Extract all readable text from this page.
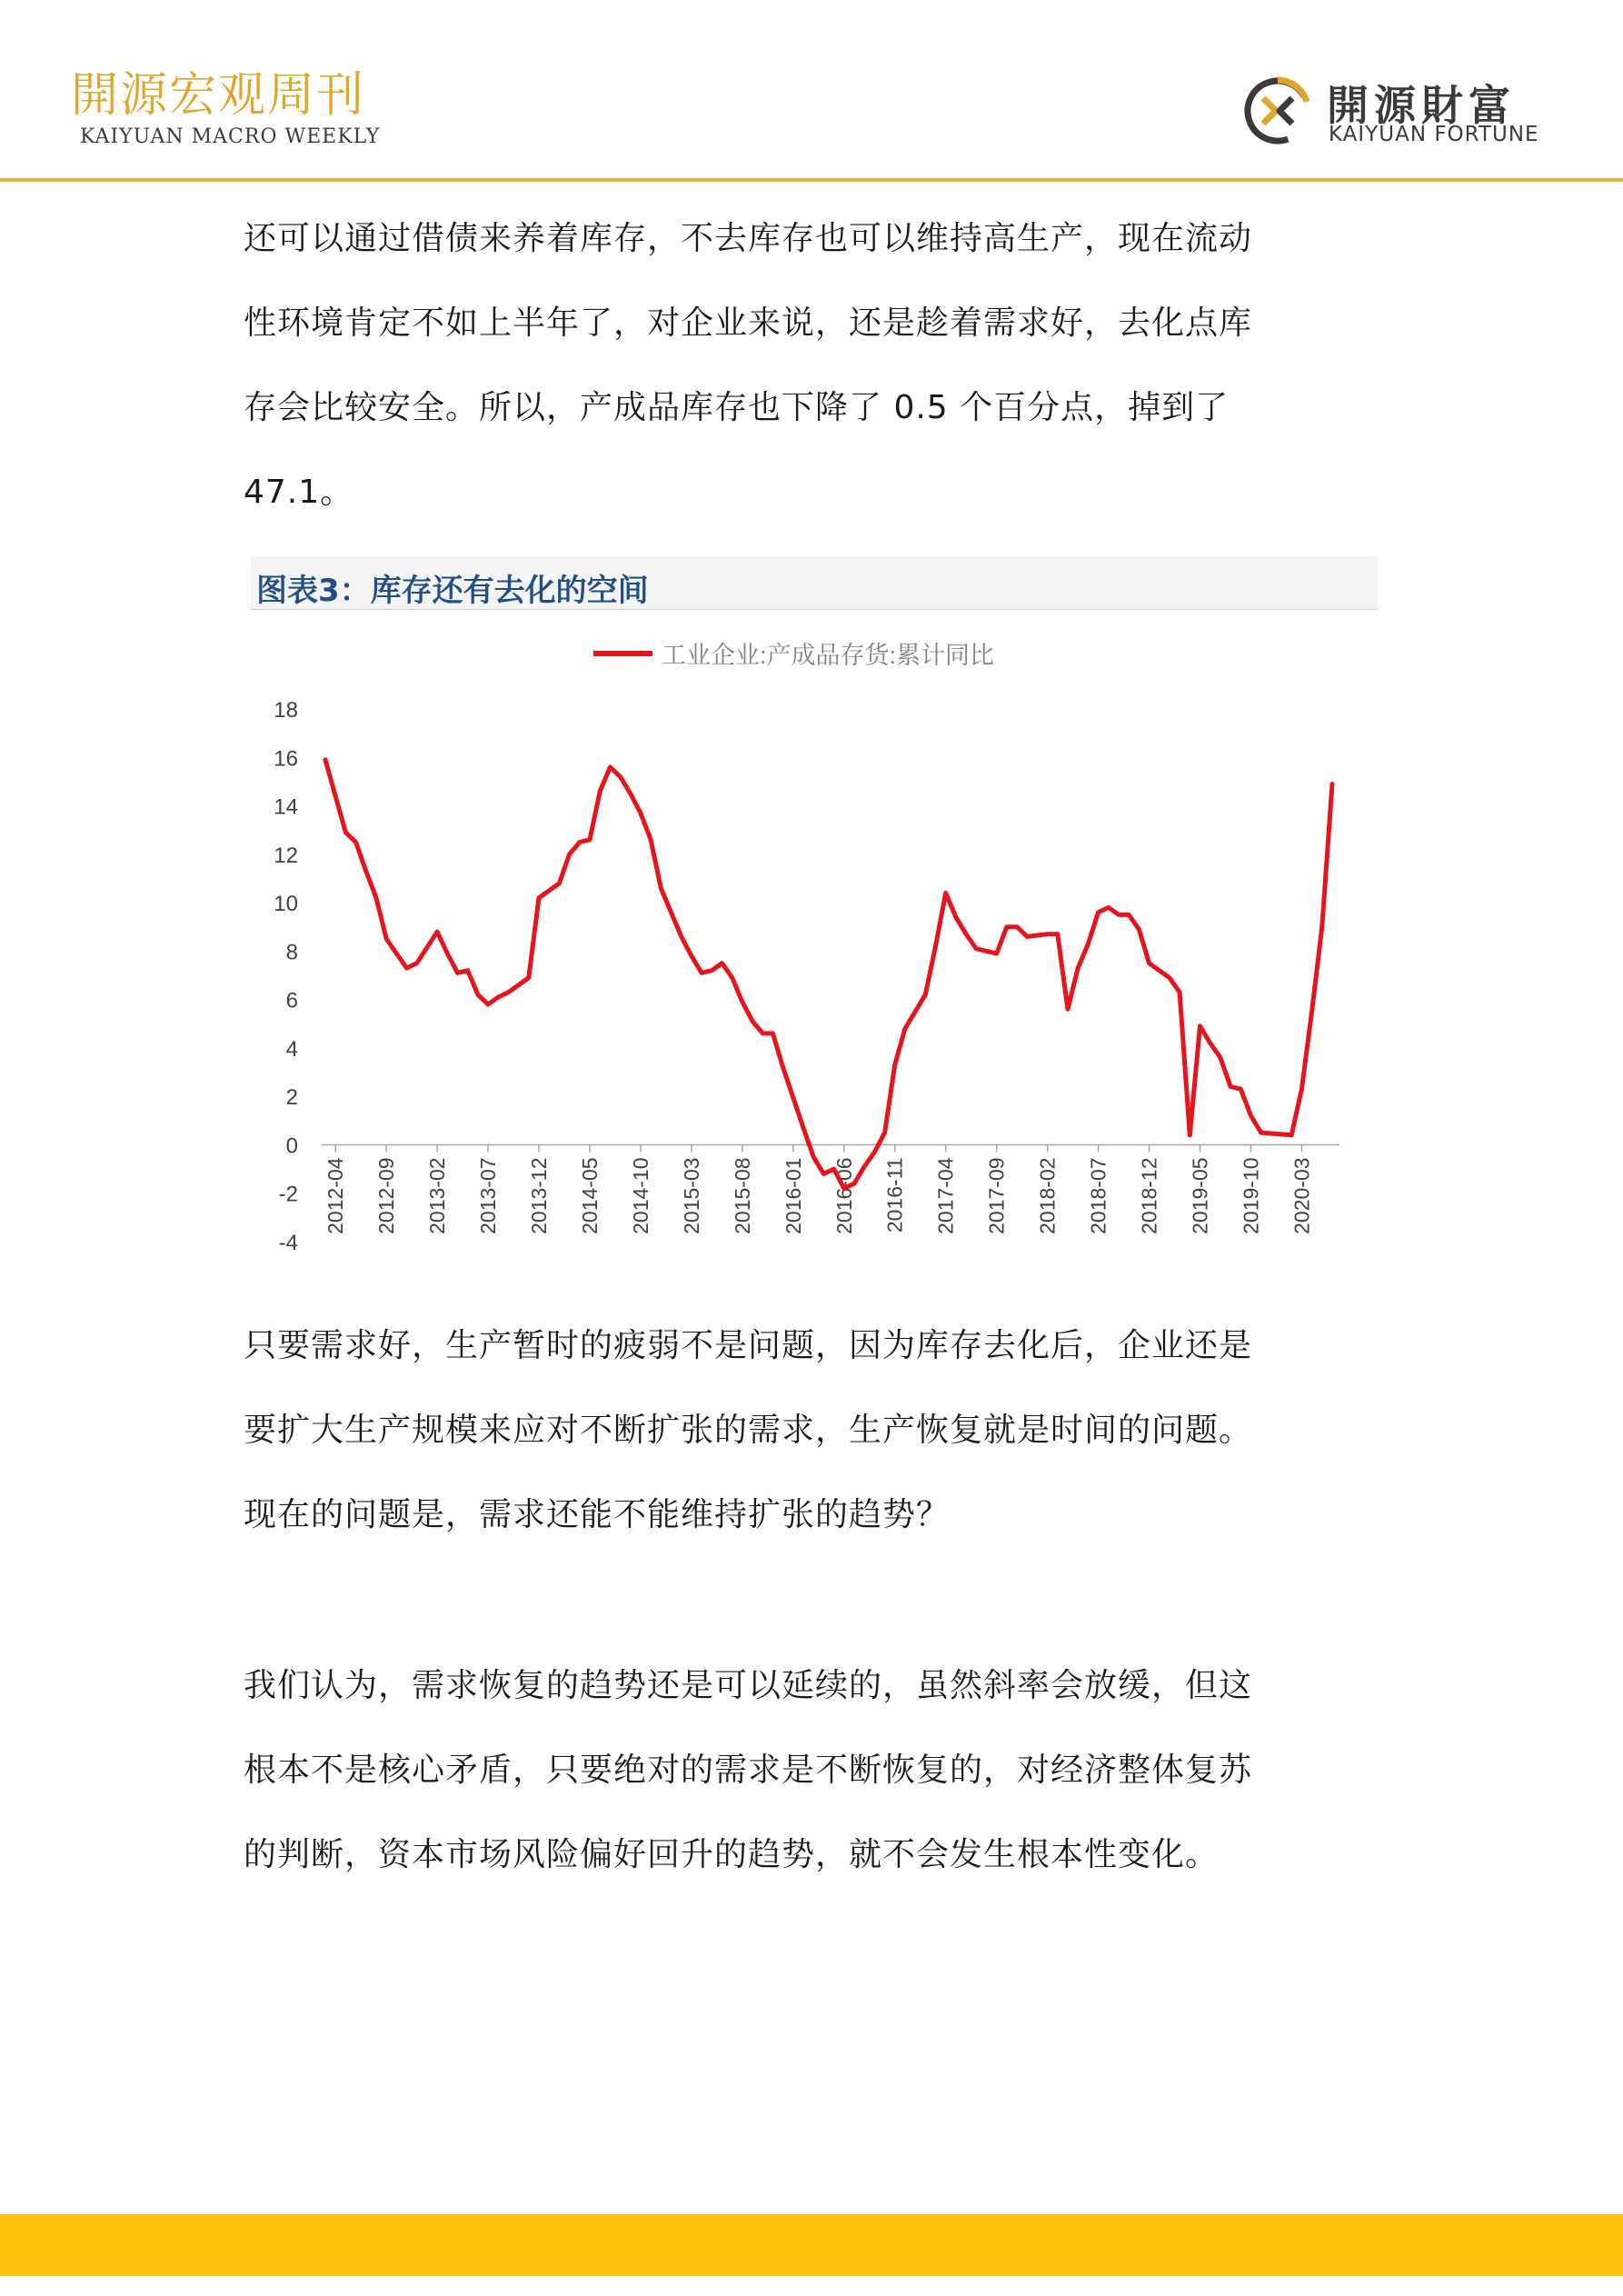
開源宏观周刊
KAIYUAN MACRO WEEKLY
開源財富
KAIYUAN FORTUNE
还可以通过借债来养着库存，不去库存也可以维持高生产，现在流动
性环境肯定不如上半年了，对企业来说，还是趁着需求好，去化点库
存会比较安全。所以，产成品库存也下降了 0.5 个百分点，掉到了
47.1。
图表3：库存还有去化的空间
工业企业:产成品存货:累计同比
-4
-2
0
2
4
6
8
10
12
14
16
18
2012-04 2012-09 2013-02 2013-07 2013-12 2014-05 2014-10 2015-03 2015-08 2016-01 2016-06 2016-11 2017-04 2017-09 2018-02 2018-07 2018-12 2019-05 2019-10 2020-03
只要需求好，生产暂时的疲弱不是问题，因为库存去化后，企业还是
要扩大生产规模来应对不断扩张的需求，生产恢复就是时间的问题。
现在的问题是，需求还能不能维持扩张的趋势？
我们认为，需求恢复的趋势还是可以延续的，虽然斜率会放缓，但这
根本不是核心矛盾，只要绝对的需求是不断恢复的，对经济整体复苏
的判断，资本市场风险偏好回升的趋势，就不会发生根本性变化。
